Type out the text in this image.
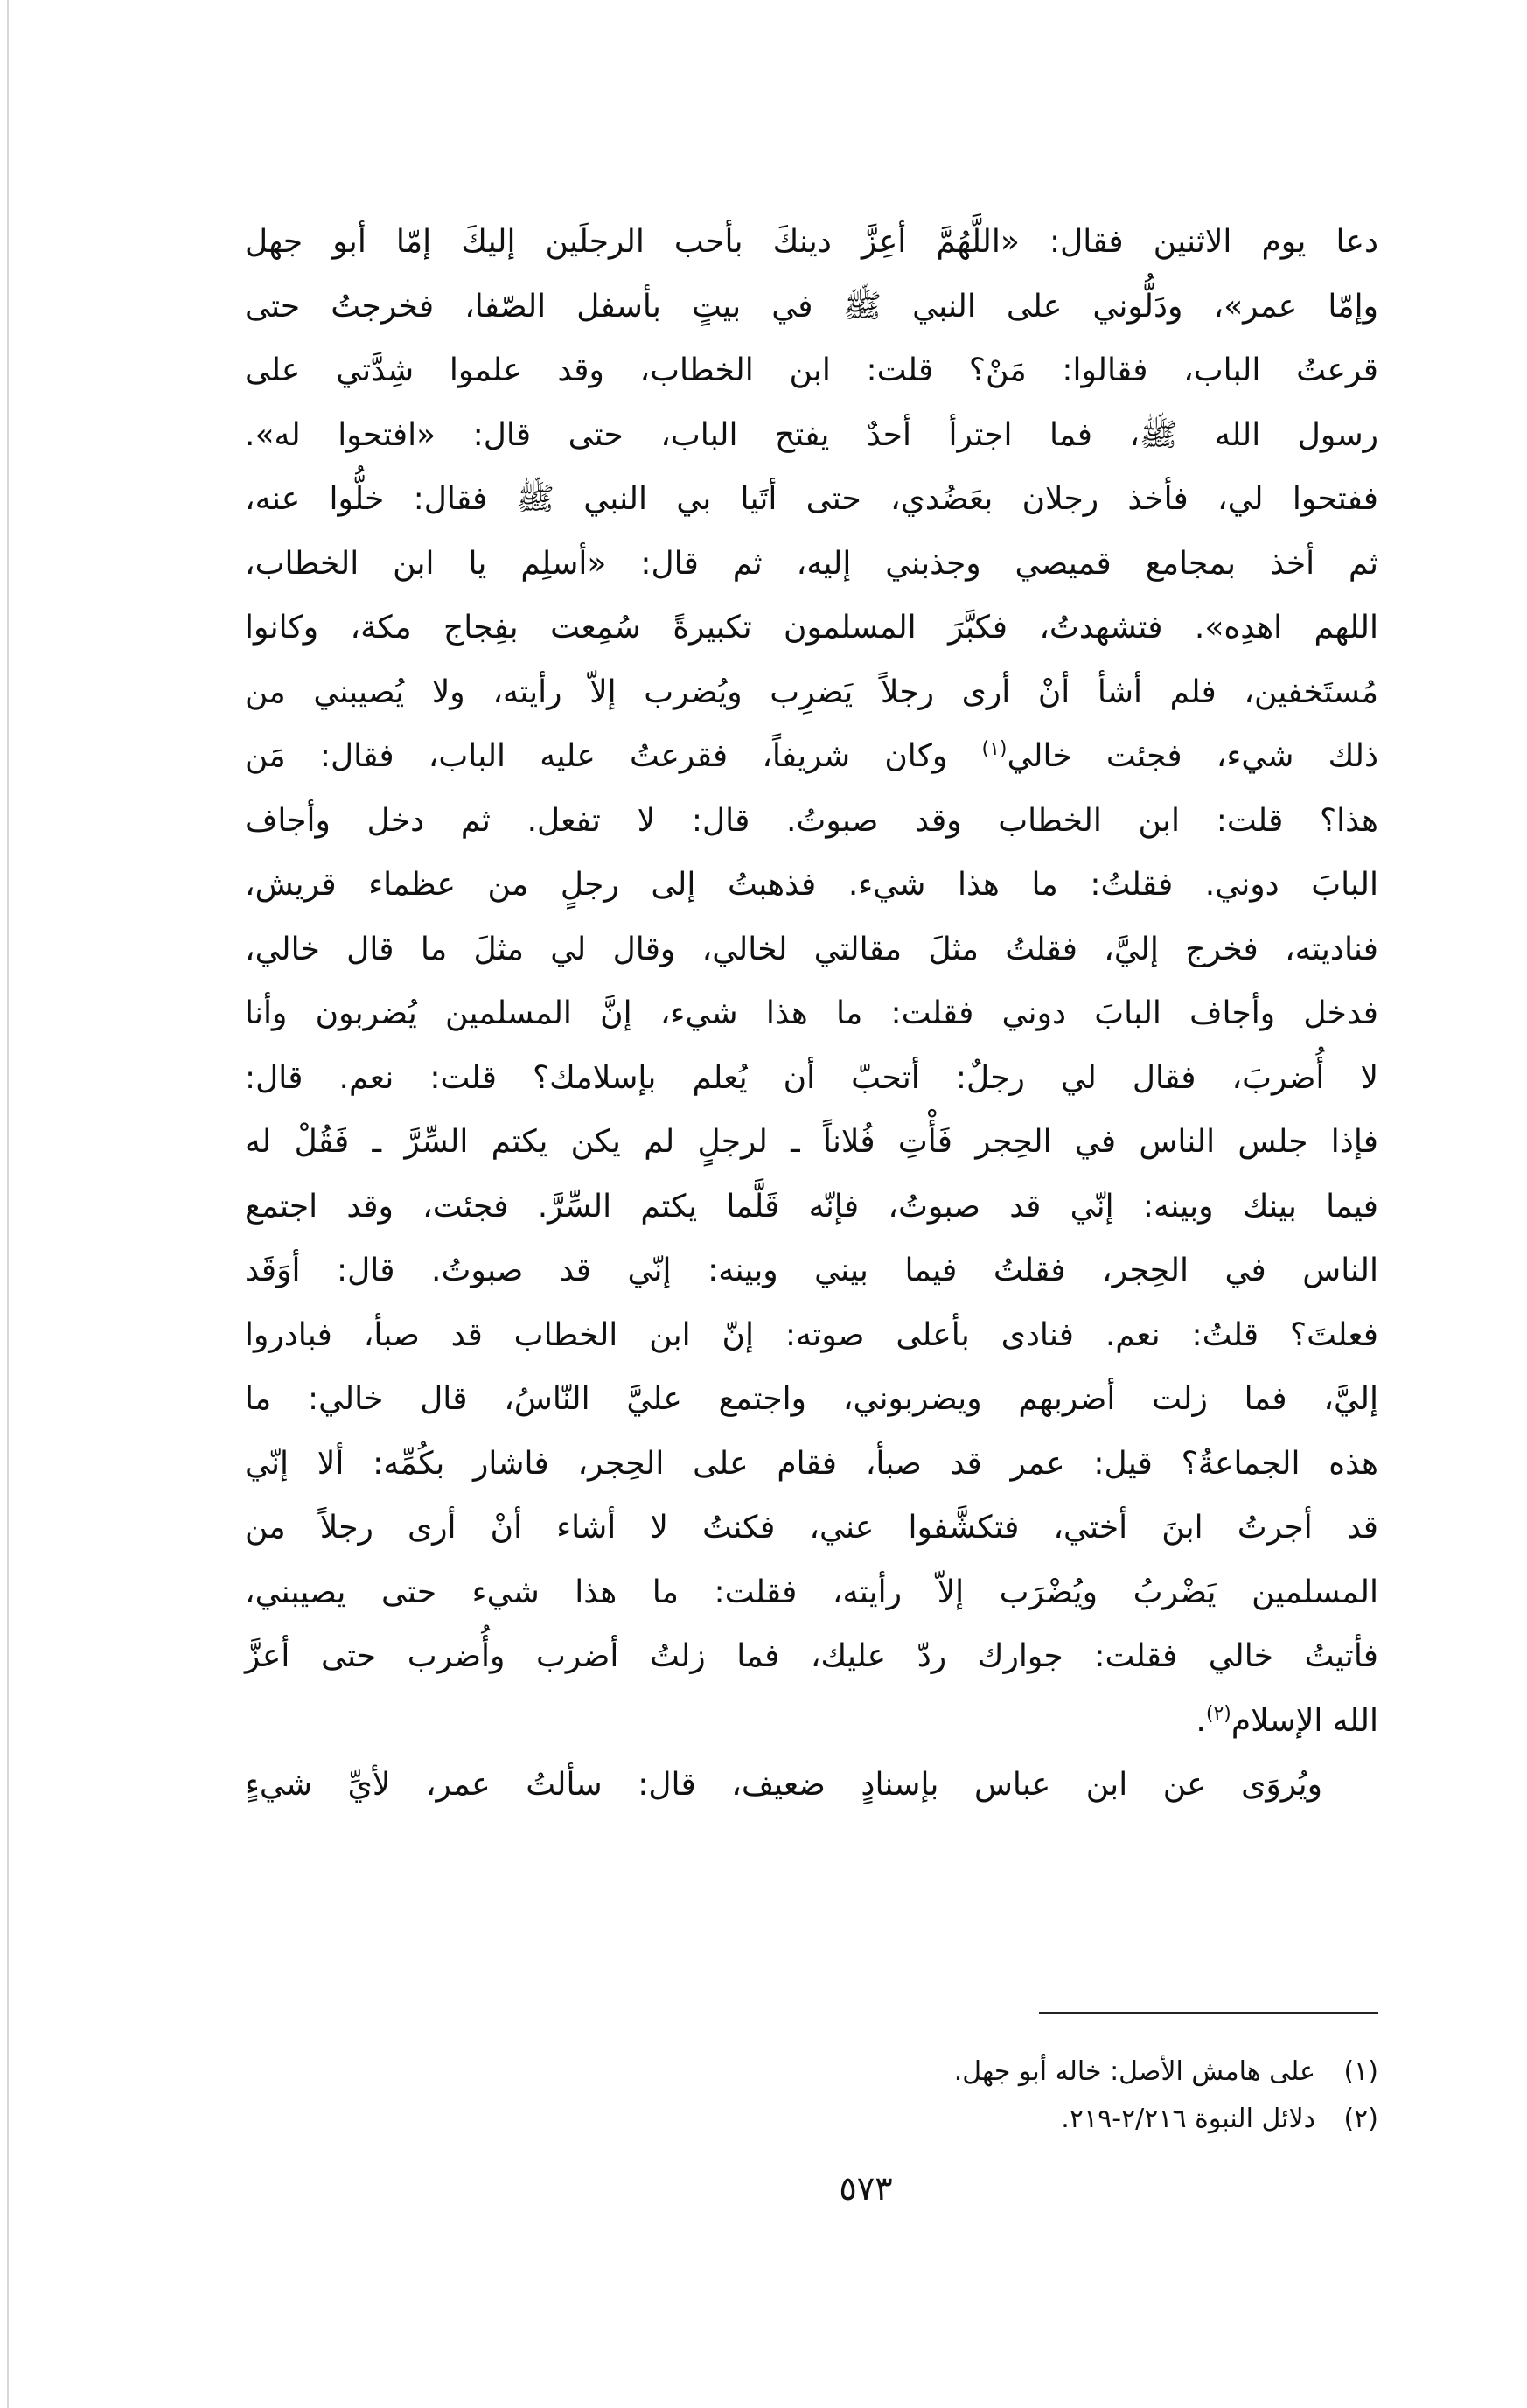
دعا يوم الاثنين فقال: «اللَّهُمَّ أعِزَّ دينكَ بأحب الرجلَين إليكَ إمّا أبو جهل
وإمّا عمر»، ودَلُّوني على النبي ﷺ في بيتٍ بأسفل الصّفا، فخرجتُ حتى
قرعتُ الباب، فقالوا: مَنْ؟ قلت: ابن الخطاب، وقد علموا شِدَّتي على
رسول الله ﷺ، فما اجترأ أحدٌ يفتح الباب، حتى قال: «افتحوا له».
ففتحوا لي، فأخذ رجلان بعَضُدي، حتى أتَيا بي النبي ﷺ فقال: خلُّوا عنه،
ثم أخذ بمجامع قميصي وجذبني إليه، ثم قال: «أسلِم يا ابن الخطاب،
اللهم اهدِه». فتشهدتُ، فكبَّرَ المسلمون تكبيرةً سُمِعت بفِجاج مكة، وكانوا
مُستَخفين، فلم أشأ أنْ أرى رجلاً يَضرِب ويُضرب إلاّ رأيته، ولا يُصيبني من
ذلك شيء، فجئت خالي$^{(١)}$ وكان شريفاً، فقرعتُ عليه الباب، فقال: مَن
هذا؟ قلت: ابن الخطاب وقد صبوتُ. قال: لا تفعل. ثم دخل وأجاف
البابَ دوني. فقلتُ: ما هذا شيء. فذهبتُ إلى رجلٍ من عظماء قريش،
فناديته، فخرج إليَّ، فقلتُ مثلَ مقالتي لخالي، وقال لي مثلَ ما قال خالي،
فدخل وأجاف البابَ دوني فقلت: ما هذا شيء، إنَّ المسلمين يُضربون وأنا
لا أُضربَ، فقال لي رجلٌ: أتحبّ أن يُعلم بإسلامك؟ قلت: نعم. قال:
فإذا جلس الناس في الحِجر فَأْتِ فُلاناً ـ لرجلٍ لم يكن يكتم السِّرَّ ـ فَقُلْ له
فيما بينك وبينه: إنّي قد صبوتُ، فإنّه قَلَّما يكتم السِّرَّ. فجئت، وقد اجتمع
الناس في الحِجر، فقلتُ فيما بيني وبينه: إنّي قد صبوتُ. قال: أوَقَد
فعلتَ؟ قلتُ: نعم. فنادى بأعلى صوته: إنّ ابن الخطاب قد صبأ، فبادروا
إليَّ، فما زلت أضربهم ويضربوني، واجتمع عليَّ النّاسُ، قال خالي: ما
هذه الجماعةُ؟ قيل: عمر قد صبأ، فقام على الحِجر، فاشار بكُمِّه: ألا إنّي
قد أجرتُ ابنَ أختي، فتكشَّفوا عني، فكنتُ لا أشاء أنْ أرى رجلاً من
المسلمين يَضْربُ ويُضْرَب إلاّ رأيته، فقلت: ما هذا شيء حتى يصيبني،
فأتيتُ خالي فقلت: جوارك ردّ عليك، فما زلتُ أضرب وأُضرب حتى أعزَّ
الله الإسلام$^{(٢)}$.
ويُروَى عن ابن عباس بإسنادٍ ضعيف، قال: سألتُ عمر، لأيِّ شيءٍ
(١)على هامش الأصل: خاله أبو جهل.
(٢)دلائل النبوة ٢/٢١٦-٢١٩.
٥٧٣
